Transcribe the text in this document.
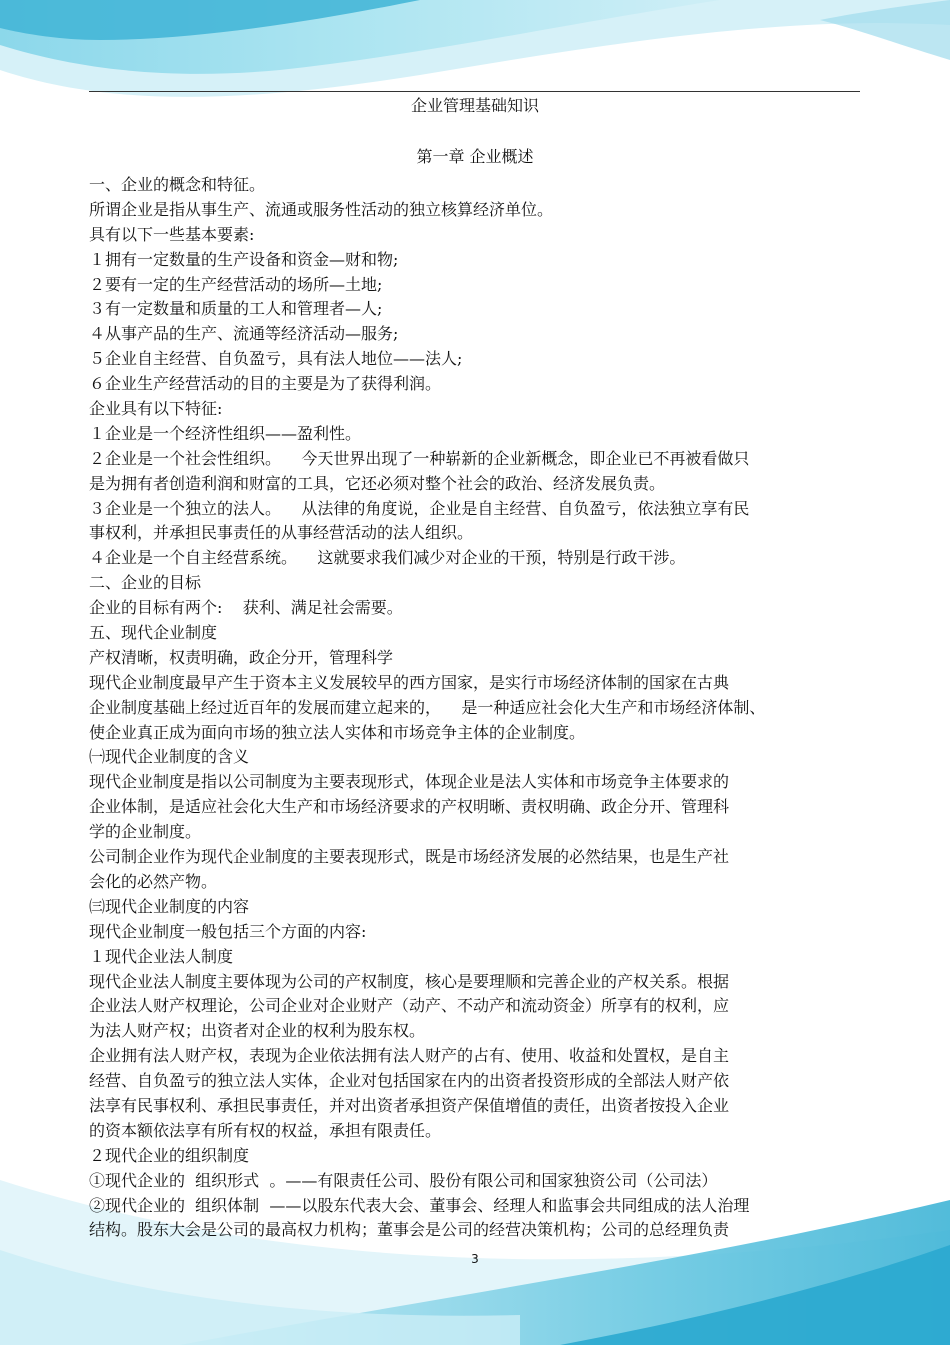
企业管理基础知识
第一章 企业概述
一、企业的概念和特征。
所谓企业是指从事生产、流通或服务性活动的独立核算经济单位。
具有以下一些基本要素:
１拥有一定数量的生产设备和资金—财和物;
２要有一定的生产经营活动的场所—土地;
３有一定数量和质量的工人和管理者—人;
４从事产品的生产、流通等经济活动—服务;
５企业自主经营、自负盈亏，具有法人地位——法人;
６企业生产经营活动的目的主要是为了获得利润。
企业具有以下特征:
１企业是一个经济性组织——盈利性。
２企业是一个社会性组织。    今天世界出现了一种崭新的企业新概念，即企业已不再被看做只
是为拥有者创造利润和财富的工具，它还必须对整个社会的政治、经济发展负责。
３企业是一个独立的法人。    从法律的角度说，企业是自主经营、自负盈亏，依法独立享有民
事权利，并承担民事责任的从事经营活动的法人组织。
４企业是一个自主经营系统。    这就要求我们减少对企业的干预，特别是行政干涉。
二、企业的目标
企业的目标有两个:    获利、满足社会需要。
五、现代企业制度
产权清晰，权责明确，政企分开，管理科学
现代企业制度最早产生于资本主义发展较早的西方国家，是实行市场经济体制的国家在古典
企业制度基础上经过近百年的发展而建立起来的，    是一种适应社会化大生产和市场经济体制、
使企业真正成为面向市场的独立法人实体和市场竞争主体的企业制度。
㈠现代企业制度的含义
现代企业制度是指以公司制度为主要表现形式，体现企业是法人实体和市场竞争主体要求的
企业体制，是适应社会化大生产和市场经济要求的产权明晰、责权明确、政企分开、管理科
学的企业制度。
公司制企业作为现代企业制度的主要表现形式，既是市场经济发展的必然结果，也是生产社
会化的必然产物。
㈢现代企业制度的内容
现代企业制度一般包括三个方面的内容:
１现代企业法人制度
现代企业法人制度主要体现为公司的产权制度，核心是要理顺和完善企业的产权关系。根据
企业法人财产权理论，公司企业对企业财产（动产、不动产和流动资金）所享有的权利，应
为法人财产权；出资者对企业的权利为股东权。
企业拥有法人财产权，表现为企业依法拥有法人财产的占有、使用、收益和处置权，是自主
经营、自负盈亏的独立法人实体，企业对包括国家在内的出资者投资形成的全部法人财产依
法享有民事权利、承担民事责任，并对出资者承担资产保值增值的责任，出资者按投入企业
的资本额依法享有所有权的权益，承担有限责任。
２现代企业的组织制度
①现代企业的  组织形式  。——有限责任公司、股份有限公司和国家独资公司（公司法）
②现代企业的  组织体制  ——以股东代表大会、董事会、经理人和监事会共同组成的法人治理
结构。股东大会是公司的最高权力机构；董事会是公司的经营决策机构；公司的总经理负责
3
